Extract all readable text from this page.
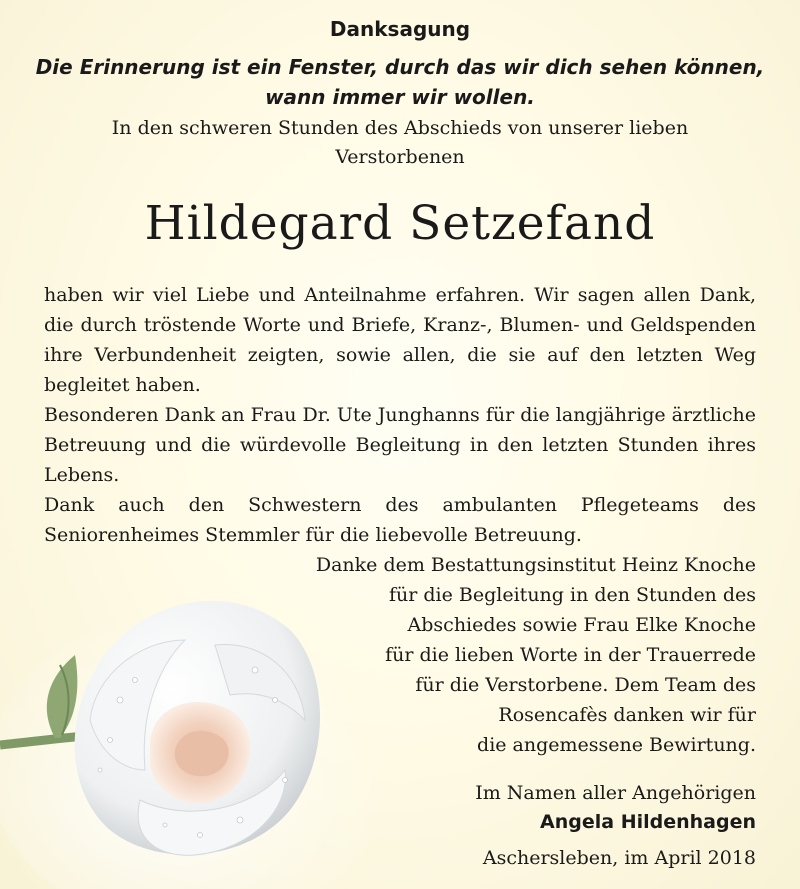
Danksagung
Die Erinnerung ist ein Fenster, durch das wir dich sehen können,
wann immer wir wollen.
In den schweren Stunden des Abschieds von unserer lieben
Verstorbenen
Hildegard Setzefand

haben wir viel Liebe und Anteilnahme erfahren. Wir sagen allen Dank, die durch tröstende Worte und Briefe, Kranz-, Blumen- und Geldspenden ihre Verbundenheit zeigten, sowie allen, die sie auf den letzten Weg begleitet haben.

Besonderen Dank an Frau Dr. Ute Junghanns für die langjährige ärztliche Betreuung und die würdevolle Begleitung in den letzten Stunden ihres Lebens.

Dank auch den Schwestern des ambulanten Pflegeteams des Seniorenheimes Stemmler für die liebevolle Betreuung.

Danke dem Bestattungsinstitut Heinz Knoche
für die Begleitung in den Stunden des
Abschiedes sowie Frau Elke Knoche
für die lieben Worte in der Trauerrede
für die Verstorbene. Dem Team des
Rosencafès danken wir für
die angemessene Bewirtung.
Im Namen aller Angehörigen
Angela Hildenhagen
Aschersleben, im April 2018
